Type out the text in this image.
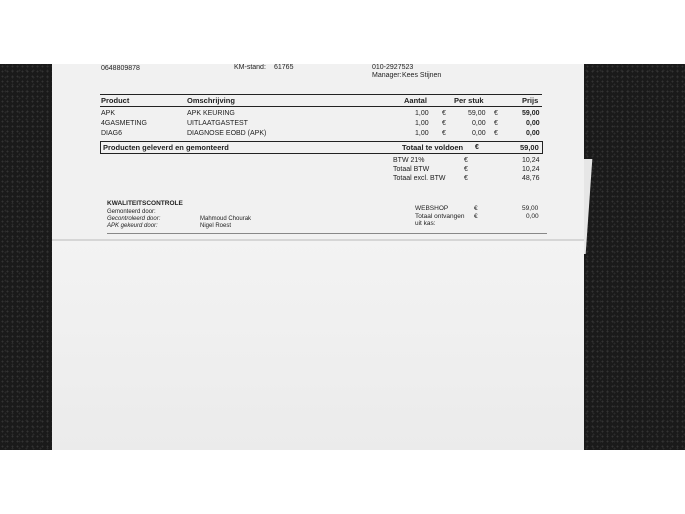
0648809878	KM-stand: 61765	010-2927523
Manager: Kees Stijnen
Product	Omschrijving	Aantal	Per stuk	Prijs
APK	APK KEURING	1,00 €	59,00 €	59,00
4GASMETING	UITLAATGASTEST	1,00 €	0,00 €	0,00
DIAG6	DIAGNOSE EOBD (APK)	1,00 €	0,00 €	0,00
Producten geleverd en gemonteerd	Totaal te voldoen €	59,00
BTW 21%	€	10,24
Totaal BTW	€	10,24
Totaal excl. BTW	€	48,76
KWALITEITSCONTROLE
Gemonteerd door:
Gecontroleerd door:	Mahmoud Chourak
APK gekeurd door:	Nigel Roest
WEBSHOP	€	59,00
Totaal ontvangen
uit kas:
€	0,00
